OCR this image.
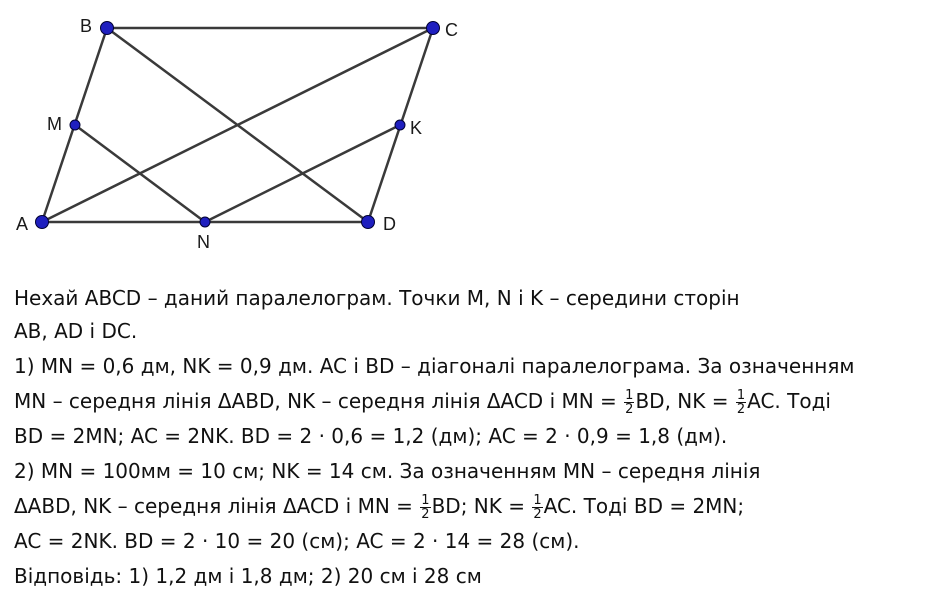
B	C
M	K
A
N
D
Нехай ABCD – даний паралелограм. Точки M, N і K – середини сторін
AB, AD і DC.
1) MN = 0,6 дм, NK = 0,9 дм. AC і BD – діагоналі паралелограма. За означенням
MN – середня лінія ΔABD, NK – середня лінія ΔACD і MN = $\frac{1}{2}$ BD, NK = $\frac{1}{2}$ AC. Тоді
BD = 2MN; AC = 2NK. BD = 2 · 0,6 = 1,2 (дм); AC = 2 · 0,9 = 1,8 (дм).
2) MN = 100мм = 10 см; NK = 14 см. За означенням MN – середня лінія
ΔABD, NK – середня лінія ΔACD і MN = $\frac{1}{2}$ BD; NK = $\frac{1}{2}$ AC. Тоді BD = 2MN;
AC = 2NK. BD = 2 · 10 = 20 (см); AC = 2 · 14 = 28 (см).
Відповідь: 1) 1,2 дм і 1,8 дм; 2) 20 см і 28 см
